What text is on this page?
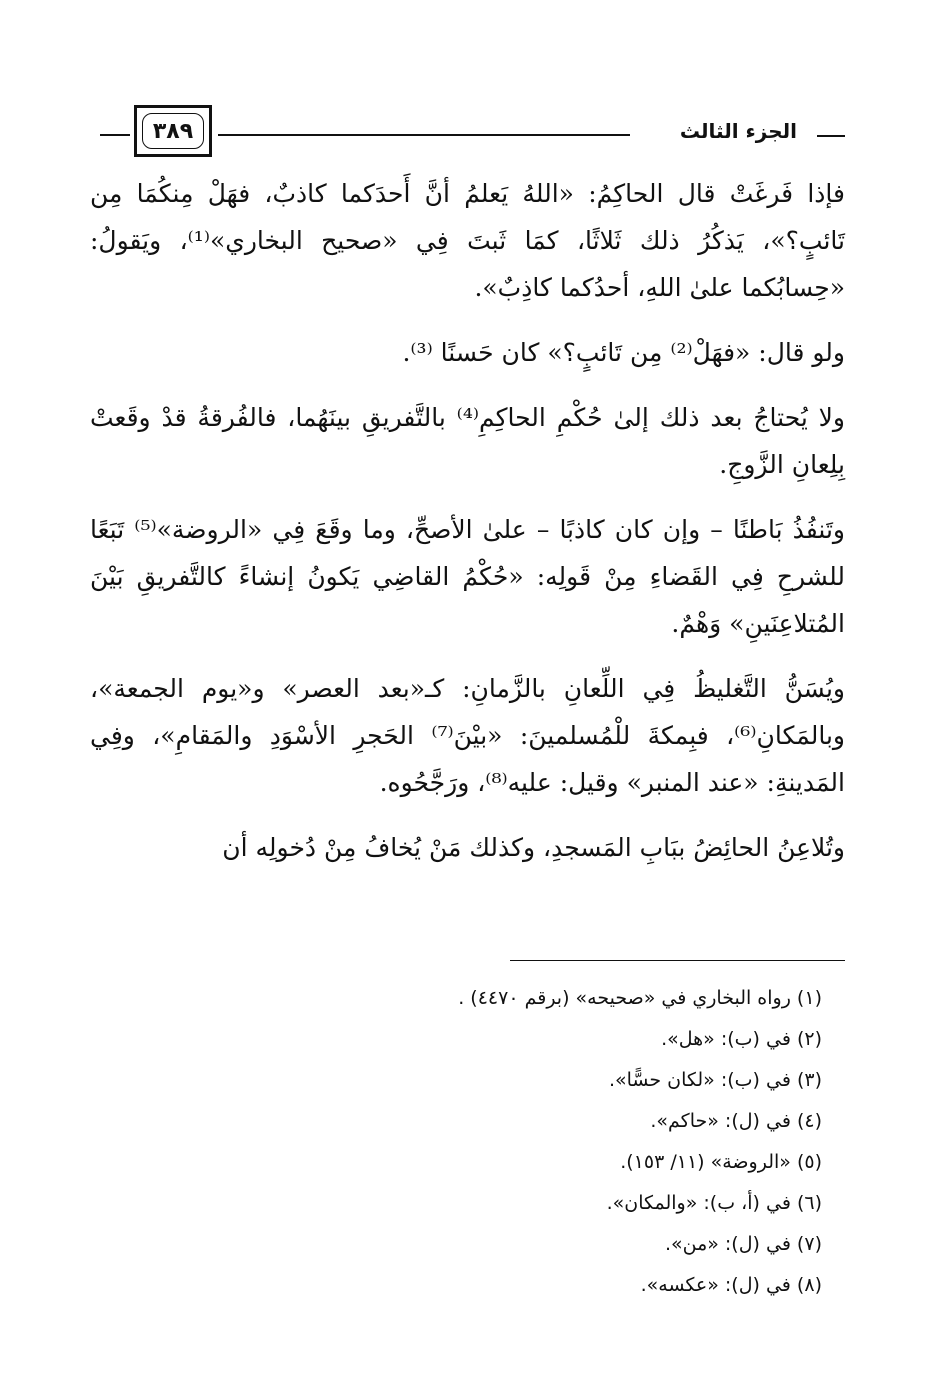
الجزء الثالث
٣٨٩

فإذا فَرغَتْ قال الحاكِمُ: «اللهُ يَعلمُ أنَّ أَحدَكما كاذبٌ، فهَلْ مِنكُمَا مِن تَائبٍ؟»، يَذكُرُ ذلك ثَلاثًا، كمَا ثَبتَ فِي «صحيح البخاري»⁽¹⁾، ويَقولُ: «حِسابُكما علىٰ اللهِ، أحدُكما كاذِبٌ».

ولو قال: «فهَلْ⁽²⁾ مِن تَائبٍ؟» كان حَسنًا ⁽³⁾.

ولا يُحتاجُ بعد ذلك إلىٰ حُكْمِ الحاكِمِ⁽⁴⁾ بالتَّفريقِ بينَهُما، فالفُرقةُ قدْ وقَعتْ بِلِعانِ الزَّوجِ.

وتَنفُذُ بَاطنًا – وإن كان كاذبًا – علىٰ الأصحِّ، وما وقَعَ فِي «الروضة»⁽⁵⁾ تَبَعًا للشرحِ فِي القَضاءِ مِنْ قَولِه: «حُكْمُ القاضِي يَكونُ إنشاءً كالتَّفريقِ بَيْنَ المُتلاعِنَينِ» وَهْمٌ.

ويُسَنُّ التَّغليظُ فِي اللِّعانِ بالزَّمانِ: كـ«بعد العصر» و«يوم الجمعة»، وبالمَكانِ⁽⁶⁾، فبِمكةَ للْمُسلمينَ: «بيْنَ⁽⁷⁾ الحَجرِ الأسْوَدِ والمَقامِ»، وفِي المَدينةِ: «عند المنبر» وقيل: عليه⁽⁸⁾، ورَجَّحُوه.

وتُلاعِنُ الحائِضُ ببَابِ المَسجدِ، وكذلك مَنْ يُخافُ مِنْ دُخولِه أن

(١) رواه البخاري في «صحيحه» (برقم ٤٤٧٠) .
(٢) في (ب): «هل».
(٣) في (ب): «لكان حسًّا».
(٤) في (ل): «حاكم».
(٥) «الروضة» (١١/ ١٥٣).
(٦) في (أ، ب): «والمكان».
(٧) في (ل): «من».
(٨) في (ل): «عكسه».
